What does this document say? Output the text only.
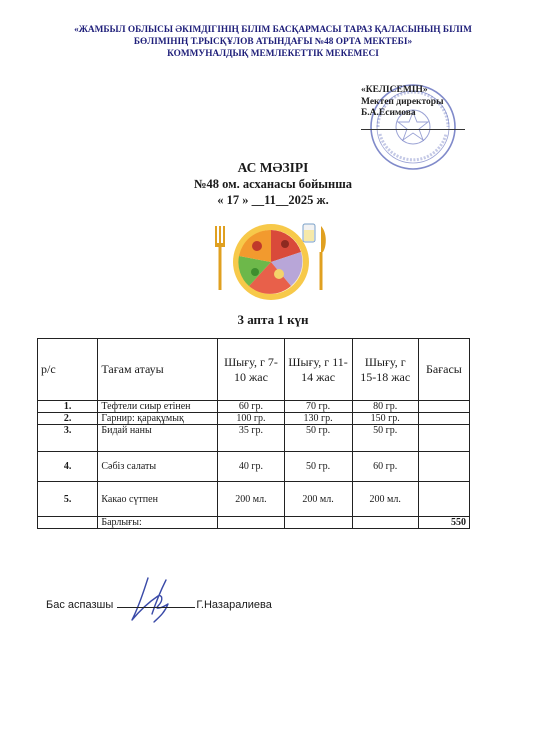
«ЖАМБЫЛ ОБЛЫСЫ ӘКІМДІГІНІҢ БІЛІМ БАСҚАРМАСЫ ТАРАЗ ҚАЛАСЫНЫҢ БІЛІМ
БӨЛІМІНІҢ Т.РЫСҚҰЛОВ АТЫНДАҒЫ №48 ОРТА МЕКТЕБІ»
КОММУНАЛДЫҚ МЕМЛЕКЕТТІК МЕКЕМЕСІ
«КЕЛІСЕМІН»
Мектеп директоры
Б.А.Есимова
АС МӘЗІРІ
№48 ом. асханасы бойынша
« 17 » __11__2025 ж.
3 апта 1 күн
р/с	Тағам атауы	Шығу, г 7-10 жас	Шығу, г 11-14 жас	Шығу, г 15-18 жас	Бағасы
1.	Тефтели сиыр етінен	60 гр.	70 гр.	80 гр.	
2.	Гарнир: қарақұмық	100 гр.	130 гр.	150 гр.	
3.	Бидай наны	35 гр.	50 гр.	50 гр.	
4.	Сәбіз салаты	40 гр.	50 гр.	60 гр.	
5.	Какао сүтпен	200 мл.	200 мл.	200 мл.	
	Барлығы:				550
Бас аспазшы	Г.Назаралиева
